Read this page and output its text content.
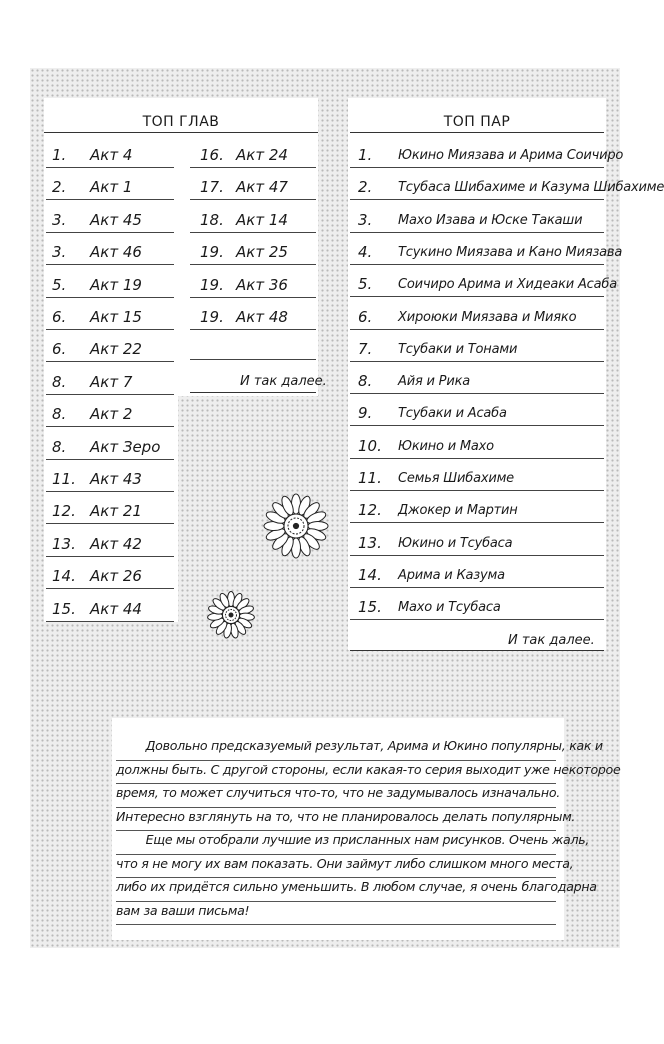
ТОП ГЛАВ
1. Акт 4
2. Акт 1
3. Акт 45
3. Акт 46
5. Акт 19
6. Акт 15
6. Акт 22
8. Акт 7
8. Акт 2
8. Акт Зеро
11. Акт 43
12. Акт 21
13. Акт 42
14. Акт 26
15. Акт 44
16. Акт 24
17. Акт 47
18. Акт 14
19. Акт 25
19. Акт 36
19. Акт 48
И так далее.
ТОП ПАР
1. Юкино Миязава и Арима Соичиро
2. Тсубаса Шибахиме и Казума Шибахиме
3. Махо Изава и Юске Такаши
4. Тсукино Миязава и Кано Миязава
5. Соичиро Арима и Хидеаки Асаба
6. Хироюки Миязава и Мияко
7. Тсубаки и Тонами
8. Айя и Рика
9. Тсубаки и Асаба
10. Юкино и Махо
11. Семья Шибахиме
12. Джокер и Мартин
13. Юкино и Тсубаса
14. Арима и Казума
15. Махо и Тсубаса
И так далее.
Довольно предсказуемый результат, Арима и Юкино популярны, как и
должны быть. С другой стороны, если какая-то серия выходит уже некоторое
время, то может случиться что-то, что не задумывалось изначально.
Интересно взглянуть на то, что не планировалось делать популярным.
Еще мы отобрали лучшие из присланных нам рисунков. Очень жаль,
что я не могу их вам показать. Они займут либо слишком много места,
либо их придётся сильно уменьшить. В любом случае, я очень благодарна
вам за ваши письма!
